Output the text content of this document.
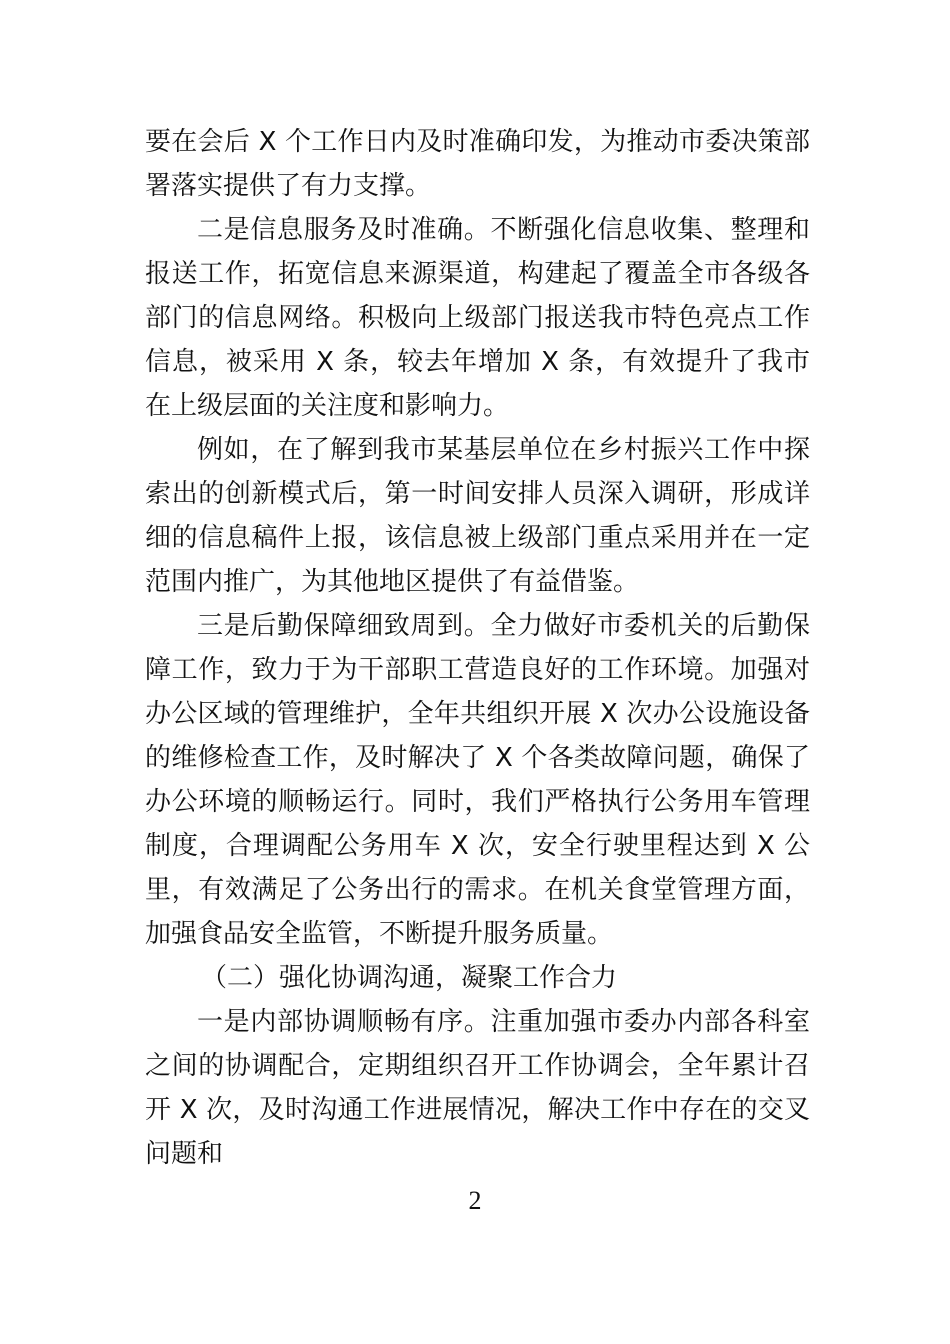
要在会后 X 个工作日内及时准确印发，为推动市委决策部署落实提供了有力支撑。

二是信息服务及时准确。不断强化信息收集、整理和报送工作，拓宽信息来源渠道，构建起了覆盖全市各级各部门的信息网络。积极向上级部门报送我市特色亮点工作信息，被采用 X 条，较去年增加 X 条，有效提升了我市在上级层面的关注度和影响力。

例如，在了解到我市某基层单位在乡村振兴工作中探索出的创新模式后，第一时间安排人员深入调研，形成详细的信息稿件上报，该信息被上级部门重点采用并在一定范围内推广，为其他地区提供了有益借鉴。

三是后勤保障细致周到。全力做好市委机关的后勤保障工作，致力于为干部职工营造良好的工作环境。加强对办公区域的管理维护，全年共组织开展 X 次办公设施设备的维修检查工作，及时解决了 X 个各类故障问题，确保了办公环境的顺畅运行。同时，我们严格执行公务用车管理制度，合理调配公务用车 X 次，安全行驶里程达到 X 公里，有效满足了公务出行的需求。在机关食堂管理方面，加强食品安全监管，不断提升服务质量。

（二）强化协调沟通，凝聚工作合力

一是内部协调顺畅有序。注重加强市委办内部各科室之间的协调配合，定期组织召开工作协调会，全年累计召开 X 次，及时沟通工作进展情况，解决工作中存在的交叉问题和

2
